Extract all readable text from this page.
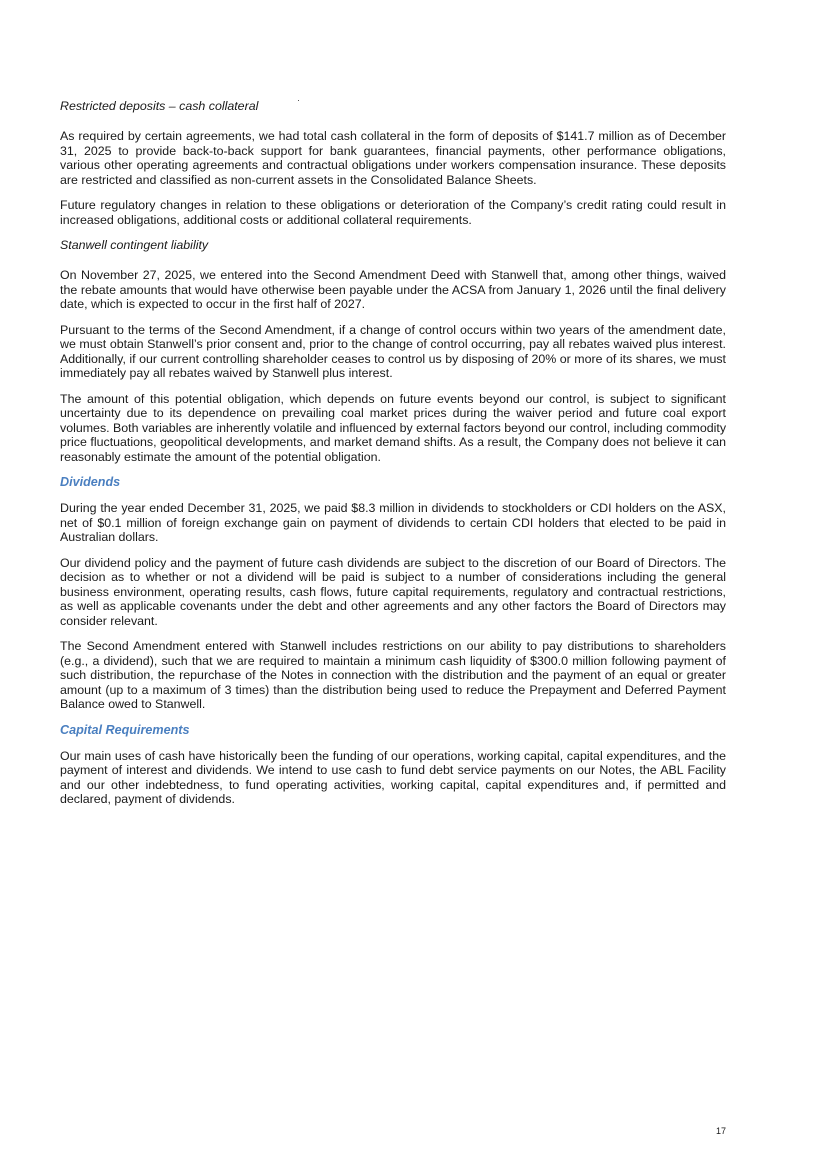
Restricted deposits – cash collateral

As required by certain agreements, we had total cash collateral in the form of deposits of $141.7 million as of December 31, 2025 to provide back-to-back support for bank guarantees, financial payments, other performance obligations, various other operating agreements and contractual obligations under workers compensation insurance. These deposits are restricted and classified as non-current assets in the Consolidated Balance Sheets.

Future regulatory changes in relation to these obligations or deterioration of the Company’s credit rating could result in increased obligations, additional costs or additional collateral requirements.

Stanwell contingent liability

On November 27, 2025, we entered into the Second Amendment Deed with Stanwell that, among other things, waived the rebate amounts that would have otherwise been payable under the ACSA from January 1, 2026 until the final delivery date, which is expected to occur in the first half of 2027.

Pursuant to the terms of the Second Amendment, if a change of control occurs within two years of the amendment date, we must obtain Stanwell’s prior consent and, prior to the change of control occurring, pay all rebates waived plus interest. Additionally, if our current controlling shareholder ceases to control us by disposing of 20% or more of its shares, we must immediately pay all rebates waived by Stanwell plus interest.

The amount of this potential obligation, which depends on future events beyond our control, is subject to significant uncertainty due to its dependence on prevailing coal market prices during the waiver period and future coal export volumes. Both variables are inherently volatile and influenced by external factors beyond our control, including commodity price fluctuations, geopolitical developments, and market demand shifts. As a result, the Company does not believe it can reasonably estimate the amount of the potential obligation.

Dividends

During the year ended December 31, 2025, we paid $8.3 million in dividends to stockholders or CDI holders on the ASX, net of $0.1 million of foreign exchange gain on payment of dividends to certain CDI holders that elected to be paid in Australian dollars.

Our dividend policy and the payment of future cash dividends are subject to the discretion of our Board of Directors. The decision as to whether or not a dividend will be paid is subject to a number of considerations including the general business environment, operating results, cash flows, future capital requirements, regulatory and contractual restrictions, as well as applicable covenants under the debt and other agreements and any other factors the Board of Directors may consider relevant.

The Second Amendment entered with Stanwell includes restrictions on our ability to pay distributions to shareholders (e.g., a dividend), such that we are required to maintain a minimum cash liquidity of $300.0 million following payment of such distribution, the repurchase of the Notes in connection with the distribution and the payment of an equal or greater amount (up to a maximum of 3 times) than the distribution being used to reduce the Prepayment and Deferred Payment Balance owed to Stanwell.

Capital Requirements

Our main uses of cash have historically been the funding of our operations, working capital, capital expenditures, and the payment of interest and dividends. We intend to use cash to fund debt service payments on our Notes, the ABL Facility and our other indebtedness, to fund operating activities, working capital, capital expenditures and, if permitted and declared, payment of dividends.

17
